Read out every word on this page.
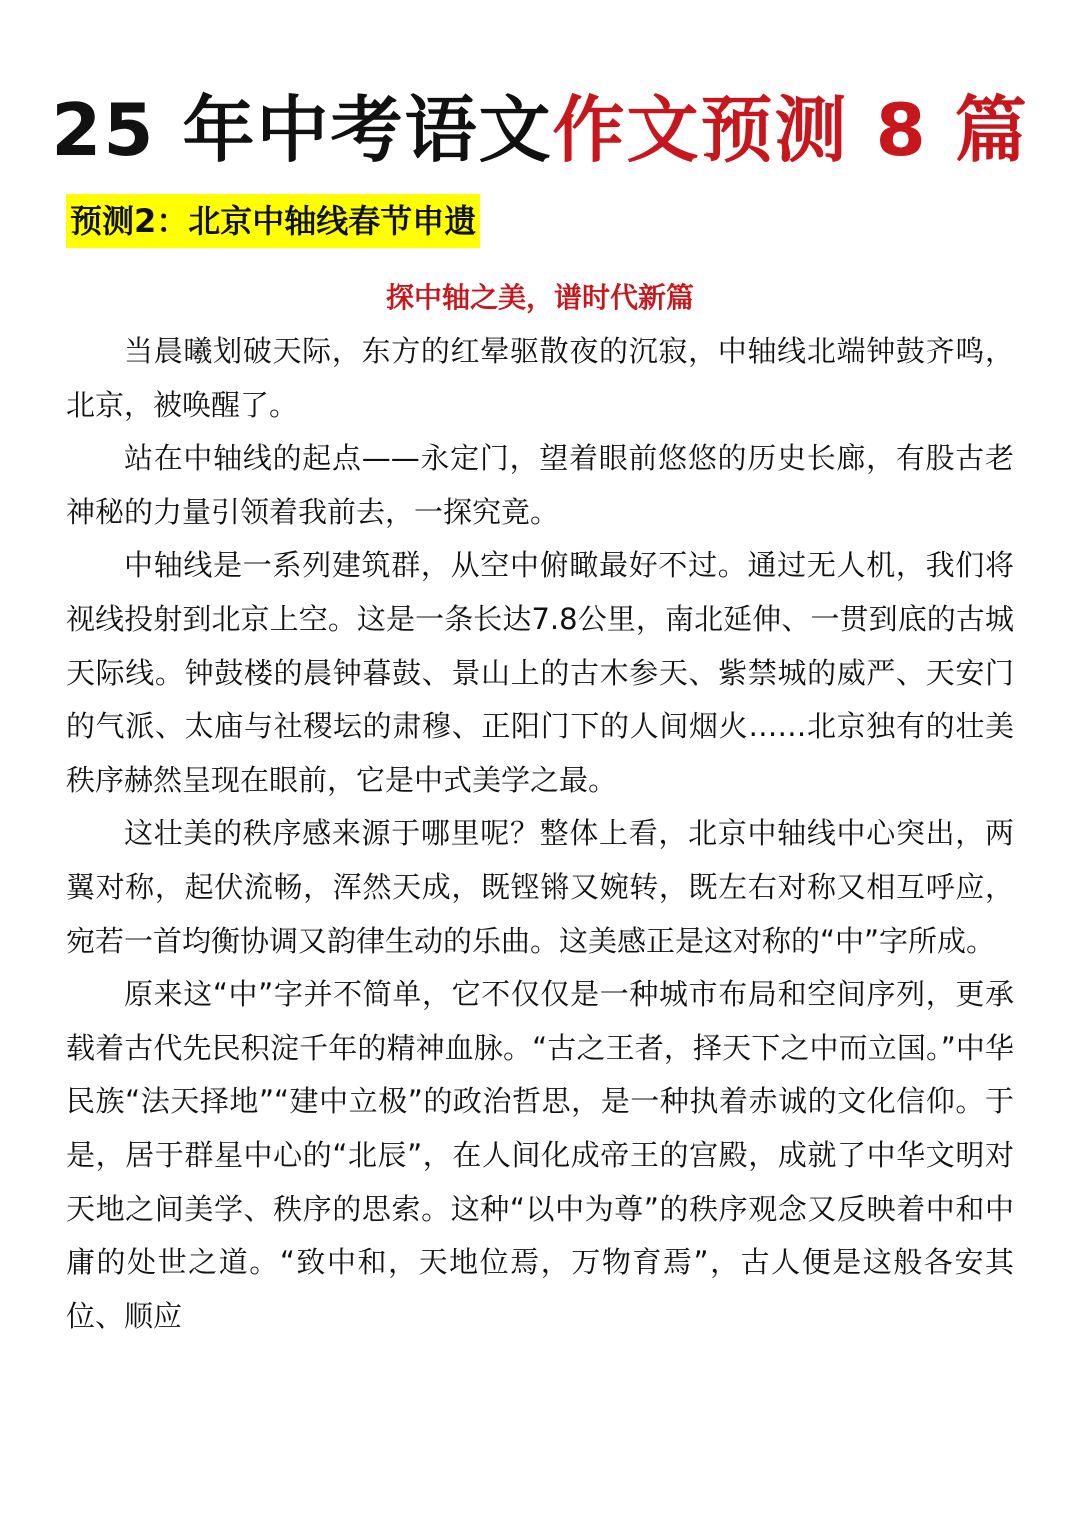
25 年中考语文作文预测 8 篇
预测2：北京中轴线春节申遗
探中轴之美，谱时代新篇

当晨曦划破天际，东方的红晕驱散夜的沉寂，中轴线北端钟鼓齐鸣，北京，被唤醒了。

站在中轴线的起点——永定门，望着眼前悠悠的历史长廊，有股古老神秘的力量引领着我前去，一探究竟。

中轴线是一系列建筑群，从空中俯瞰最好不过。通过无人机，我们将视线投射到北京上空。这是一条长达7.8公里，南北延伸、一贯到底的古城天际线。钟鼓楼的晨钟暮鼓、景山上的古木参天、紫禁城的威严、天安门的气派、太庙与社稷坛的肃穆、正阳门下的人间烟火……北京独有的壮美秩序赫然呈现在眼前，它是中式美学之最。

这壮美的秩序感来源于哪里呢？整体上看，北京中轴线中心突出，两翼对称，起伏流畅，浑然天成，既铿锵又婉转，既左右对称又相互呼应，宛若一首均衡协调又韵律生动的乐曲。这美感正是这对称的“中”字所成。

原来这“中”字并不简单，它不仅仅是一种城市布局和空间序列，更承载着古代先民积淀千年的精神血脉。“古之王者，择天下之中而立国。”中华民族“法天择地”“建中立极”的政治哲思，是一种执着赤诚的文化信仰。于是，居于群星中心的“北辰”，在人间化成帝王的宫殿，成就了中华文明对天地之间美学、秩序的思索。这种“以中为尊”的秩序观念又反映着中和中庸的处世之道。“致中和，天地位焉，万物育焉”，古人便是这般各安其位、顺应
